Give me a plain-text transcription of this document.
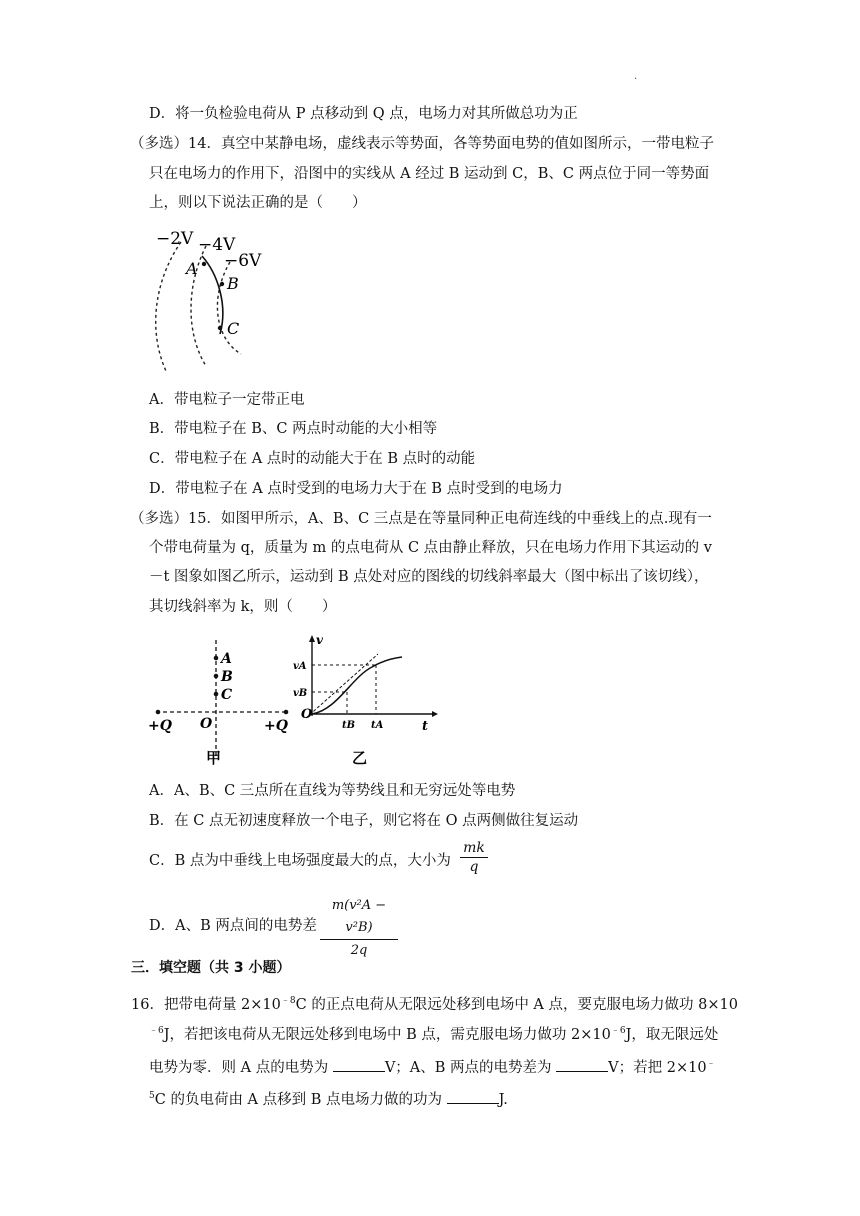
·
D．将一负检验电荷从 P 点移动到 Q 点，电场力对其所做总功为正
（多选）14．真空中某静电场，虚线表示等势面，各等势面电势的值如图所示，一带电粒子
只在电场力的作用下，沿图中的实线从 A 经过 B 运动到 C，B、C 两点位于同一等势面
上，则以下说法正确的是（　　）
−2V −4V
−6V
A
B
C
A．带电粒子一定带正电
B．带电粒子在 B、C 两点时动能的大小相等
C．带电粒子在 A 点时的动能大于在 B 点时的动能
D．带电粒子在 A 点时受到的电场力大于在 B 点时受到的电场力
（多选）15．如图甲所示，A、B、C 三点是在等量同种正电荷连线的中垂线上的点.现有一
个带电荷量为 q，质量为 m 的点电荷从 C 点由静止释放，只在电场力作用下其运动的 v
－t 图象如图乙所示，运动到 B 点处对应的图线的切线斜率最大（图中标出了该切线），
其切线斜率为 k，则（　　）
A
B
C
O
+Q	+Q
甲
v
t
O
vA
vB
tB tA
乙
A．A、B、C 三点所在直线为等势线且和无穷远处等电势
B．在 C 点无初速度释放一个电子，则它将在 O 点两侧做往复运动
C．B 点为中垂线上电场强度最大的点，大小为 $\frac{mk}{q}$
D．A、B 两点间的电势差 $\frac{\text{m(v²A − v²B)}}{2q}$
三．填空题（共 3 小题）
16．把带电荷量 $2\times 10^{﹣8}C$ 的正点电荷从无限远处移到电场中 A 点，要克服电场力做功 8×10
$^{﹣6}$J，若把该电荷从无限远处移到电场中 B 点，需克服电场力做功 $2\times 10^{﹣6}J$，取无限远处
电势为零．则 A 点的电势为	V；A、B 两点的电势差为	V；若把 2×10﹣
$^5$C 的负电荷由 A 点移到 B 点电场力做的功为	J.
